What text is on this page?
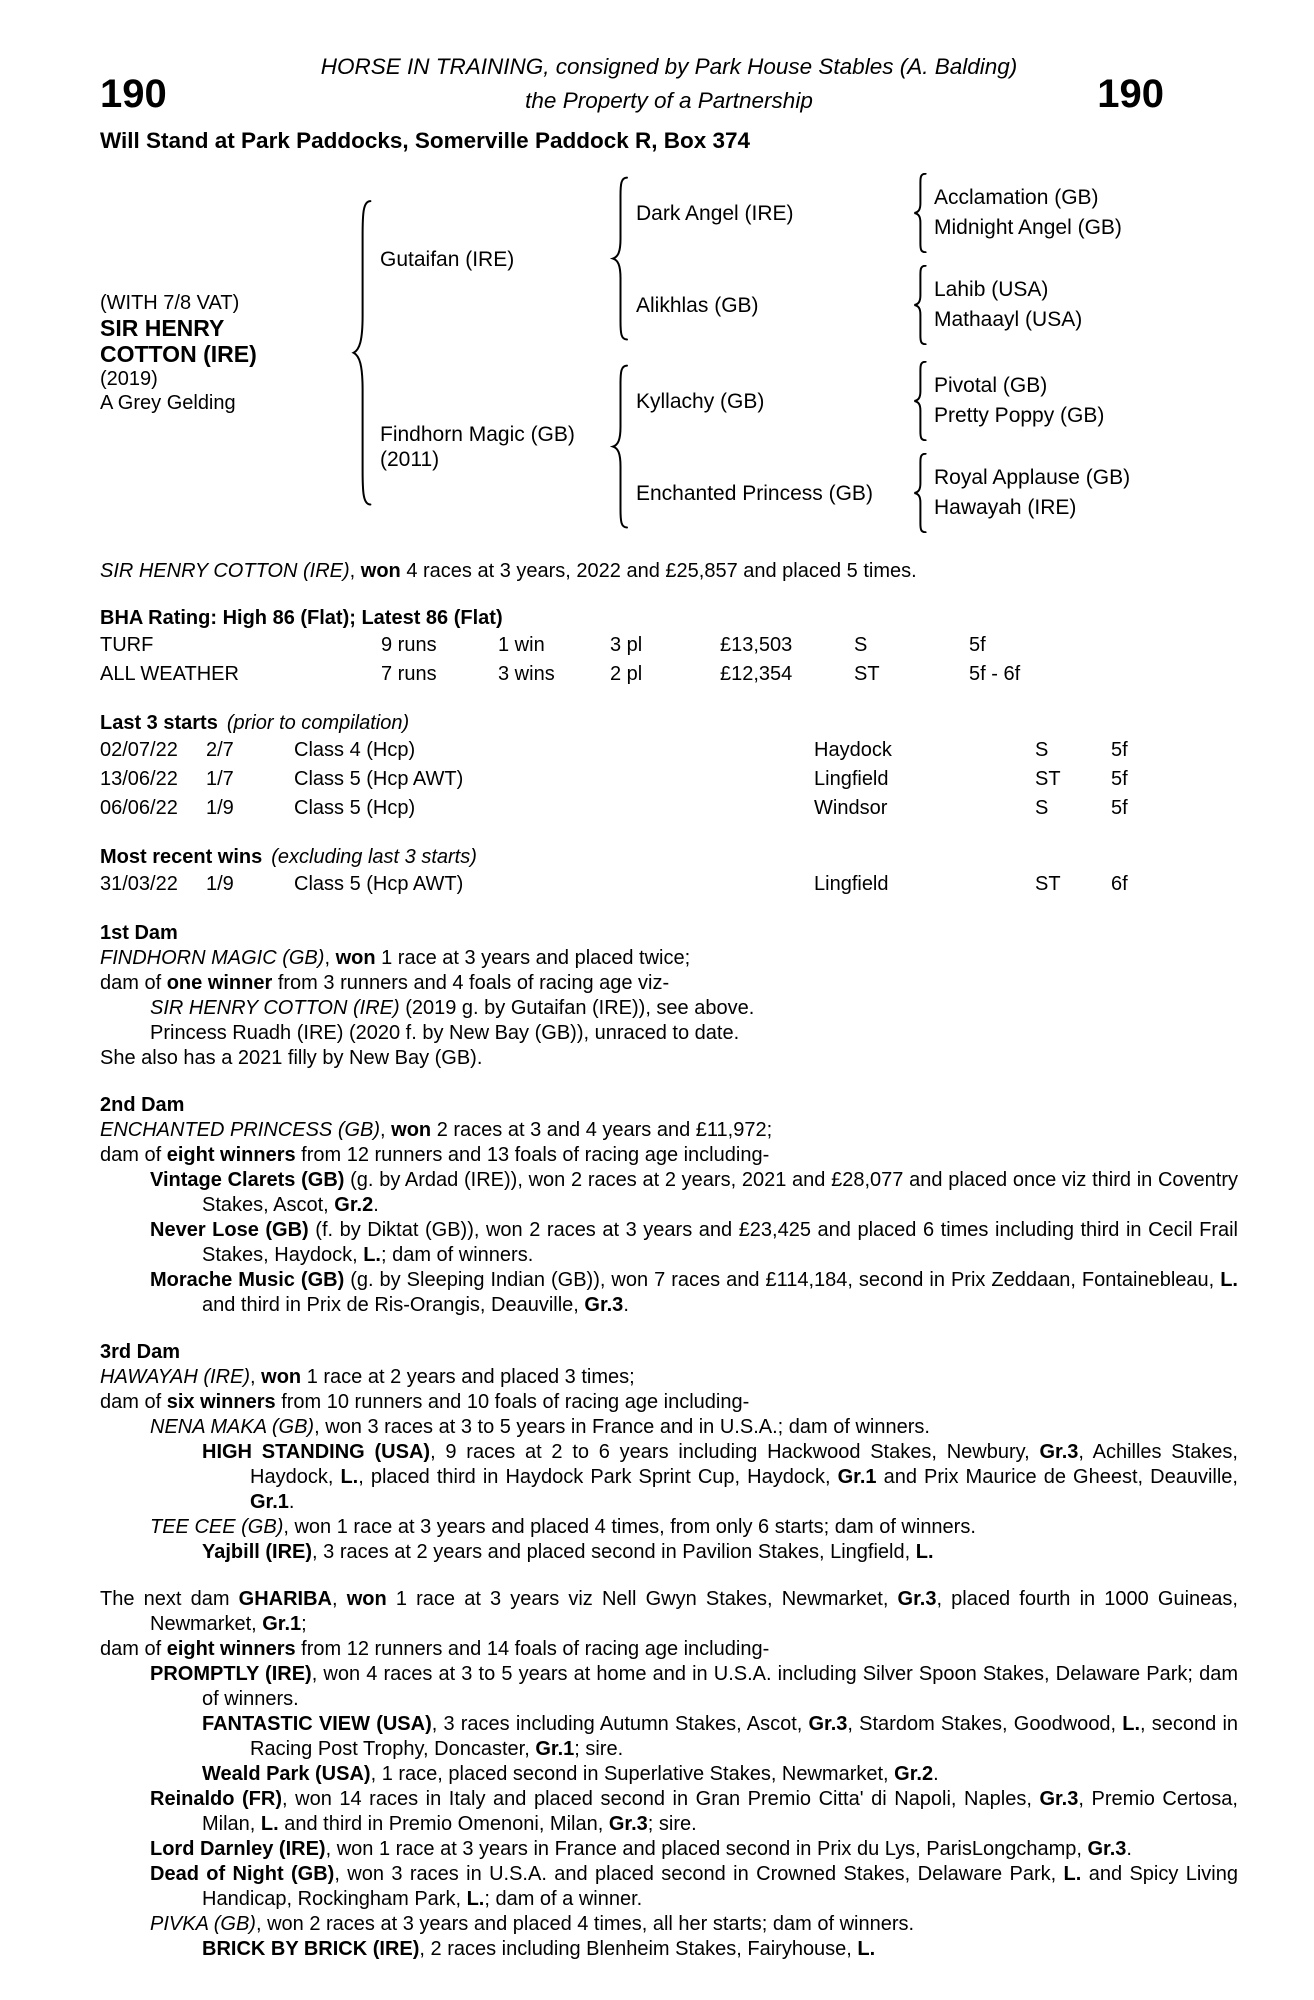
190
HORSE IN TRAINING, consigned by Park House Stables (A. Balding)
the Property of a Partnership	190
Will Stand at Park Paddocks, Somerville Paddock R, Box 374
(WITH 7/8 VAT)
SIR HENRY
COTTON (IRE)
(2019)
A Grey Gelding
Gutaifan (IRE)
Dark Angel (IRE)
Acclamation (GB)
Midnight Angel (GB)
Alikhlas (GB)
Lahib (USA)
Mathaayl (USA)
Findhorn Magic (GB)
(2011)
Kyllachy (GB)
Pivotal (GB)
Pretty Poppy (GB)
Enchanted Princess (GB)
Royal Applause (GB)
Hawayah (IRE)

SIR HENRY COTTON (IRE), won 4 races at 3 years, 2022 and £25,857 and placed 5 times.

BHA Rating: High 86 (Flat); Latest 86 (Flat)
TURF	9 runs	1 win	3 pl	£13,503	S	5f
ALL WEATHER	7 runs	3 wins	2 pl	£12,354	ST	5f - 6f
Last 3 starts (prior to compilation)
02/07/22	2/7	Class 4 (Hcp)	Haydock	S	5f
13/06/22	1/7	Class 5 (Hcp AWT)	Lingfield	ST	5f
06/06/22	1/9	Class 5 (Hcp)	Windsor	S	5f
Most recent wins (excluding last 3 starts)
31/03/22	1/9	Class 5 (Hcp AWT)	Lingfield	ST	6f

1st Dam

FINDHORN MAGIC (GB), won 1 race at 3 years and placed twice;

dam of one winner from 3 runners and 4 foals of racing age viz-

SIR HENRY COTTON (IRE) (2019 g. by Gutaifan (IRE)), see above.

Princess Ruadh (IRE) (2020 f. by New Bay (GB)), unraced to date.

She also has a 2021 filly by New Bay (GB).

2nd Dam

ENCHANTED PRINCESS (GB), won 2 races at 3 and 4 years and £11,972;

dam of eight winners from 12 runners and 13 foals of racing age including-

Vintage Clarets (GB) (g. by Ardad (IRE)), won 2 races at 2 years, 2021 and £28,077 and placed once viz third in Coventry Stakes, Ascot, Gr.2.

Never Lose (GB) (f. by Diktat (GB)), won 2 races at 3 years and £23,425 and placed 6 times including third in Cecil Frail Stakes, Haydock, L.; dam of winners.

Morache Music (GB) (g. by Sleeping Indian (GB)), won 7 races and £114,184, second in Prix Zeddaan, Fontainebleau, L. and third in Prix de Ris-Orangis, Deauville, Gr.3.

3rd Dam

HAWAYAH (IRE), won 1 race at 2 years and placed 3 times;

dam of six winners from 10 runners and 10 foals of racing age including-

NENA MAKA (GB), won 3 races at 3 to 5 years in France and in U.S.A.; dam of winners.

HIGH STANDING (USA), 9 races at 2 to 6 years including Hackwood Stakes, Newbury, Gr.3, Achilles Stakes, Haydock, L., placed third in Haydock Park Sprint Cup, Haydock, Gr.1 and Prix Maurice de Gheest, Deauville, Gr.1.

TEE CEE (GB), won 1 race at 3 years and placed 4 times, from only 6 starts; dam of winners.

Yajbill (IRE), 3 races at 2 years and placed second in Pavilion Stakes, Lingfield, L.

The next dam GHARIBA, won 1 race at 3 years viz Nell Gwyn Stakes, Newmarket, Gr.3, placed fourth in 1000 Guineas, Newmarket, Gr.1;

dam of eight winners from 12 runners and 14 foals of racing age including-

PROMPTLY (IRE), won 4 races at 3 to 5 years at home and in U.S.A. including Silver Spoon Stakes, Delaware Park; dam of winners.

FANTASTIC VIEW (USA), 3 races including Autumn Stakes, Ascot, Gr.3, Stardom Stakes, Goodwood, L., second in Racing Post Trophy, Doncaster, Gr.1; sire.

Weald Park (USA), 1 race, placed second in Superlative Stakes, Newmarket, Gr.2.

Reinaldo (FR), won 14 races in Italy and placed second in Gran Premio Citta' di Napoli, Naples, Gr.3, Premio Certosa, Milan, L. and third in Premio Omenoni, Milan, Gr.3; sire.

Lord Darnley (IRE), won 1 race at 3 years in France and placed second in Prix du Lys, ParisLongchamp, Gr.3.

Dead of Night (GB), won 3 races in U.S.A. and placed second in Crowned Stakes, Delaware Park, L. and Spicy Living Handicap, Rockingham Park, L.; dam of a winner.

PIVKA (GB), won 2 races at 3 years and placed 4 times, all her starts; dam of winners.

BRICK BY BRICK (IRE), 2 races including Blenheim Stakes, Fairyhouse, L.
